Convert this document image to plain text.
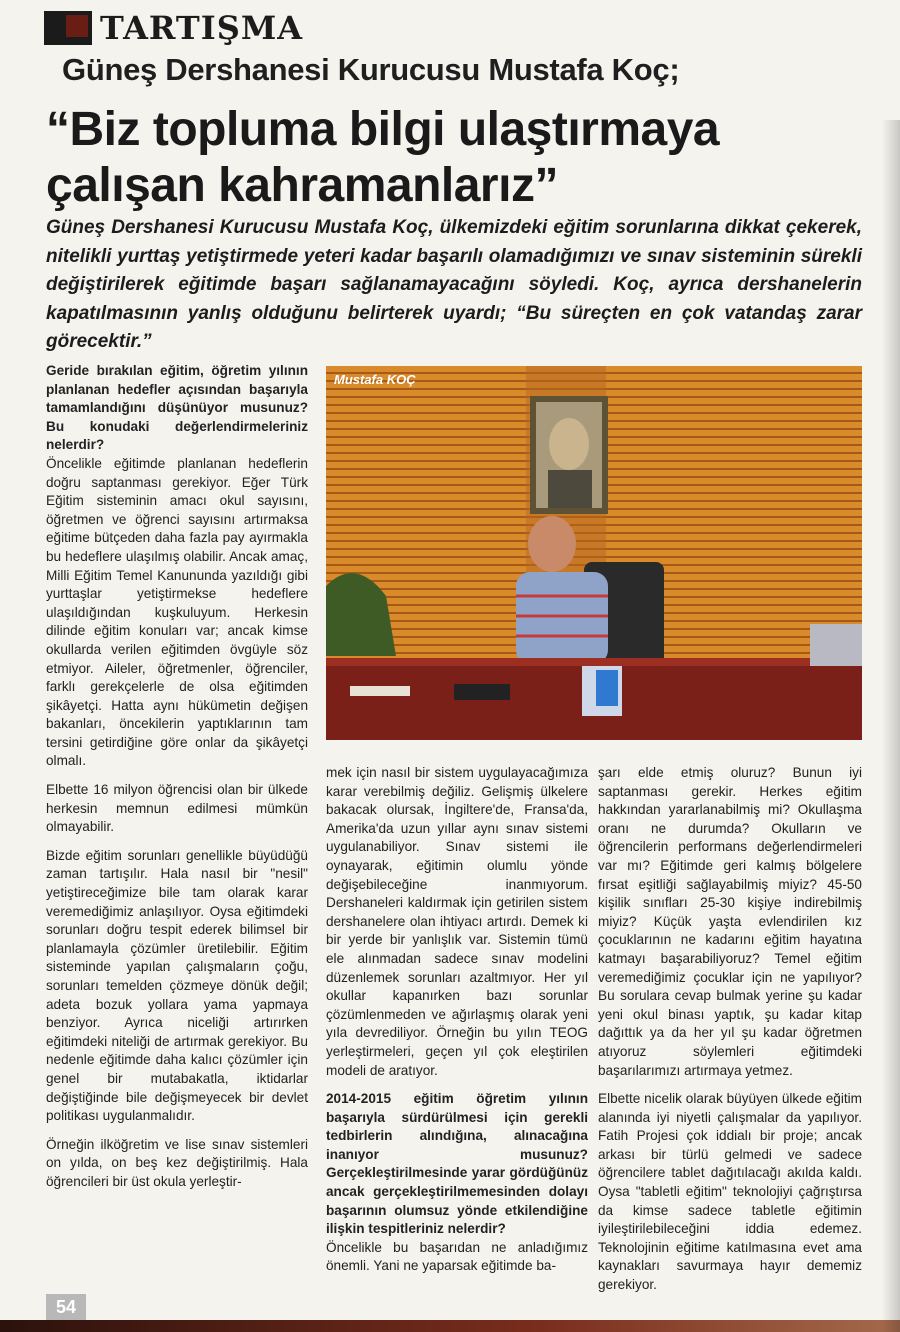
TARTIŞMA
Güneş Dershanesi Kurucusu Mustafa Koç;
“Biz topluma bilgi ulaştırmaya çalışan kahramanlarız”
Güneş Dershanesi Kurucusu Mustafa Koç, ülkemizdeki eğitim sorunlarına dikkat çekerek, nitelikli yurttaş yetiştirmede yeteri kadar başarılı olamadığımızı ve sınav sisteminin sürekli değiştirilerek eğitimde başarı sağlanamayacağını söyledi. Koç, ayrıca dershanelerin kapatılmasının yanlış olduğunu belirterek uyardı; “Bu süreçten en çok vatandaş zarar görecektir.”

Geride bırakılan eğitim, öğretim yılının planlanan hedefler açısından başarıyla tamamlandığını düşünüyor musunuz? Bu konudaki değerlendirmeleriniz nelerdir?

Öncelikle eğitimde planlanan hedeflerin doğru saptanması gerekiyor. Eğer Türk Eğitim sisteminin amacı okul sayısını, öğretmen ve öğrenci sayısını artırmaksa eğitime bütçeden daha fazla pay ayırmakla bu hedeflere ulaşılmış olabilir. Ancak amaç, Milli Eğitim Temel Kanununda yazıldığı gibi yurttaşlar yetiştirmekse hedeflere ulaşıldığından kuşkuluyum. Herkesin dilinde eğitim konuları var; ancak kimse okullarda verilen eğitimden övgüyle söz etmiyor. Aileler, öğretmenler, öğrenciler, farklı gerekçelerle de olsa eğitimden şikâyetçi. Hatta aynı hükümetin değişen bakanları, öncekilerin yaptıklarının tam tersini getirdiğine göre onlar da şikâyetçi olmalı.

Elbette 16 milyon öğrencisi olan bir ülkede herkesin memnun edilmesi mümkün olmayabilir.

Bizde eğitim sorunları genellikle büyüdüğü zaman tartışılır. Hala nasıl bir "nesil" yetiştireceğimize bile tam olarak karar veremediğimiz anlaşılıyor. Oysa eğitimdeki sorunları doğru tespit ederek bilimsel bir planlamayla çözümler üretilebilir. Eğitim sisteminde yapılan çalışmaların çoğu, sorunları temelden çözmeye dönük değil; adeta bozuk yollara yama yapmaya benziyor. Ayrıca niceliği artırırken eğitimdeki niteliği de artırmak gerekiyor. Bu nedenle eğitimde daha kalıcı çözümler için genel bir mutabakatla, iktidarlar değiştiğinde bile değişmeyecek bir devlet politikası uygulanmalıdır.

Örneğin ilköğretim ve lise sınav sistemleri on yılda, on beş kez değiştirilmiş. Hala öğrencileri bir üst okula yerleştir-

Mustafa KOÇ

mek için nasıl bir sistem uygulayacağımıza karar verebilmiş değiliz. Gelişmiş ülkelere bakacak olursak, İngiltere'de, Fransa'da, Amerika'da uzun yıllar aynı sınav sistemi uygulanabiliyor. Sınav sistemi ile oynayarak, eğitimin olumlu yönde değişebileceğine inanmıyorum. Dershaneleri kaldırmak için getirilen sistem dershanelere olan ihtiyacı artırdı. Demek ki bir yerde bir yanlışlık var. Sistemin tümü ele alınmadan sadece sınav modelini düzenlemek sorunları azaltmıyor. Her yıl okullar kapanırken bazı sorunlar çözümlenmeden ve ağırlaşmış olarak yeni yıla devrediliyor. Örneğin bu yılın TEOG yerleştirmeleri, geçen yıl çok eleştirilen modeli de aratıyor.

2014-2015 eğitim öğretim yılının başarıyla sürdürülmesi için gerekli tedbirlerin alındığına, alınacağına inanıyor musunuz? Gerçekleştirilmesinde yarar gördüğünüz ancak gerçekleştirilmemesinden dolayı başarının olumsuz yönde etkilendiğine ilişkin tespitleriniz nelerdir?

Öncelikle bu başarıdan ne anladığımız önemli. Yani ne yaparsak eğitimde ba-

şarı elde etmiş oluruz? Bunun iyi saptanması gerekir. Herkes eğitim hakkından yararlanabilmiş mi? Okullaşma oranı ne durumda? Okulların ve öğrencilerin performans değerlendirmeleri var mı? Eğitimde geri kalmış bölgelere fırsat eşitliği sağlayabilmiş miyiz? 45-50 kişilik sınıfları 25-30 kişiye indirebilmiş miyiz? Küçük yaşta evlendirilen kız çocuklarının ne kadarını eğitim hayatına katmayı başarabiliyoruz? Temel eğitim veremediğimiz çocuklar için ne yapılıyor? Bu sorulara cevap bulmak yerine şu kadar yeni okul binası yaptık, şu kadar kitap dağıttık ya da her yıl şu kadar öğretmen atıyoruz söylemleri eğitimdeki başarılarımızı artırmaya yetmez.

Elbette nicelik olarak büyüyen ülkede eğitim alanında iyi niyetli çalışmalar da yapılıyor. Fatih Projesi çok iddialı bir proje; ancak arkası bir türlü gelmedi ve sadece öğrencilere tablet dağıtılacağı akılda kaldı. Oysa "tabletli eğitim" teknolojiyi çağrıştırsa da kimse sadece tabletle eğitimin iyileştirilebileceğini iddia edemez. Teknolojinin eğitime katılmasına evet ama kaynakları savurmaya hayır dememiz gerekiyor.

54
